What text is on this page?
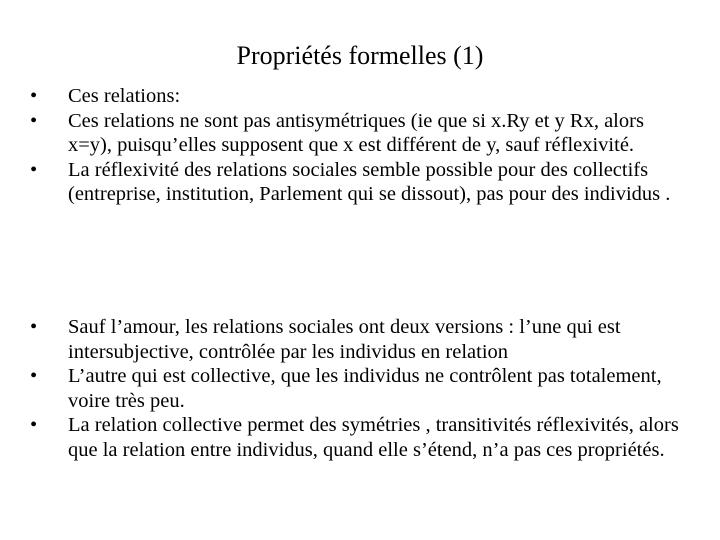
Propriétés formelles (1)
•	Ces relations:
•	Ces relations ne sont pas antisymétriques (ie que si x.Ry et y Rx, alors x=y), puisqu’elles supposent que x est différent de y, sauf réflexivité.
•	La réflexivité des relations sociales semble possible pour des collectifs (entreprise, institution, Parlement qui se dissout), pas pour des individus .
•	Sauf l’amour, les relations sociales ont deux versions : l’une qui est intersubjective, contrôlée par les individus en relation
•	L’autre qui est collective, que les individus ne contrôlent pas totalement, voire très peu.
•	La relation collective permet des symétries , transitivités réflexivités, alors que la relation entre individus, quand elle s’étend, n’a pas ces propriétés.
